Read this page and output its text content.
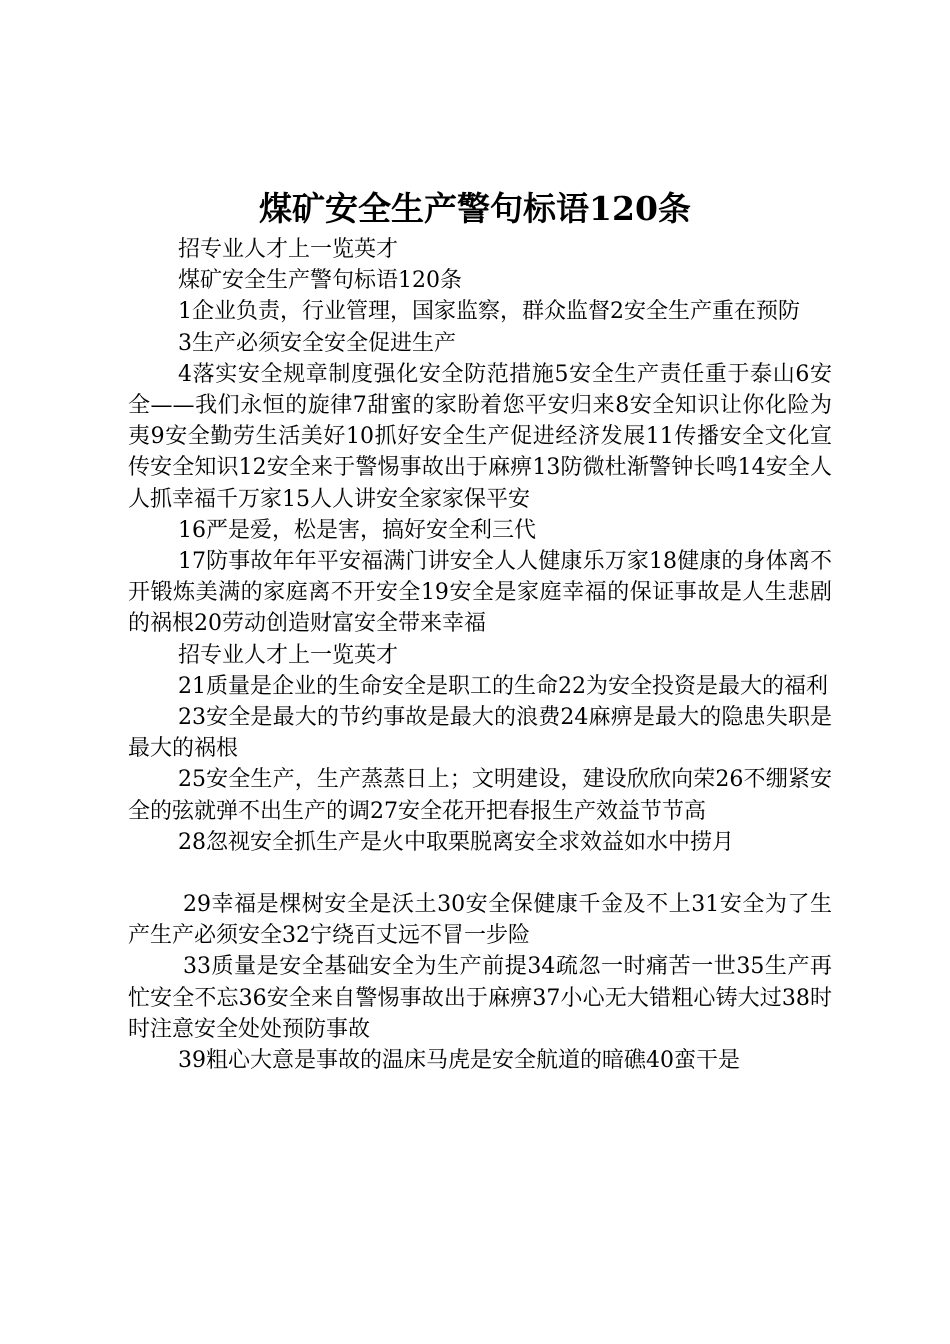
煤矿安全生产警句标语120条

招专业人才上一览英才

煤矿安全生产警句标语120条

1企业负责，行业管理，国家监察，群众监督2安全生产重在预防

3生产必须安全安全促进生产

4落实安全规章制度强化安全防范措施5安全生产责任重于泰山6安全——我们永恒的旋律7甜蜜的家盼着您平安归来8安全知识让你化险为夷9安全勤劳生活美好10抓好安全生产促进经济发展11传播安全文化宣传安全知识12安全来于警惕事故出于麻痹13防微杜渐警钟长鸣14安全人人抓幸福千万家15人人讲安全家家保平安

16严是爱，松是害，搞好安全利三代

17防事故年年平安福满门讲安全人人健康乐万家18健康的身体离不开锻炼美满的家庭离不开安全19安全是家庭幸福的保证事故是人生悲剧的祸根20劳动创造财富安全带来幸福

招专业人才上一览英才

21质量是企业的生命安全是职工的生命22为安全投资是最大的福利

23安全是最大的节约事故是最大的浪费24麻痹是最大的隐患失职是最大的祸根

25安全生产，生产蒸蒸日上；文明建设，建设欣欣向荣26不绷紧安全的弦就弹不出生产的调27安全花开把春报生产效益节节高

28忽视安全抓生产是火中取栗脱离安全求效益如水中捞月

29幸福是棵树安全是沃土30安全保健康千金及不上31安全为了生产生产必须安全32宁绕百丈远不冒一步险

33质量是安全基础安全为生产前提34疏忽一时痛苦一世35生产再忙安全不忘36安全来自警惕事故出于麻痹37小心无大错粗心铸大过38时时注意安全处处预防事故

39粗心大意是事故的温床马虎是安全航道的暗礁40蛮干是
